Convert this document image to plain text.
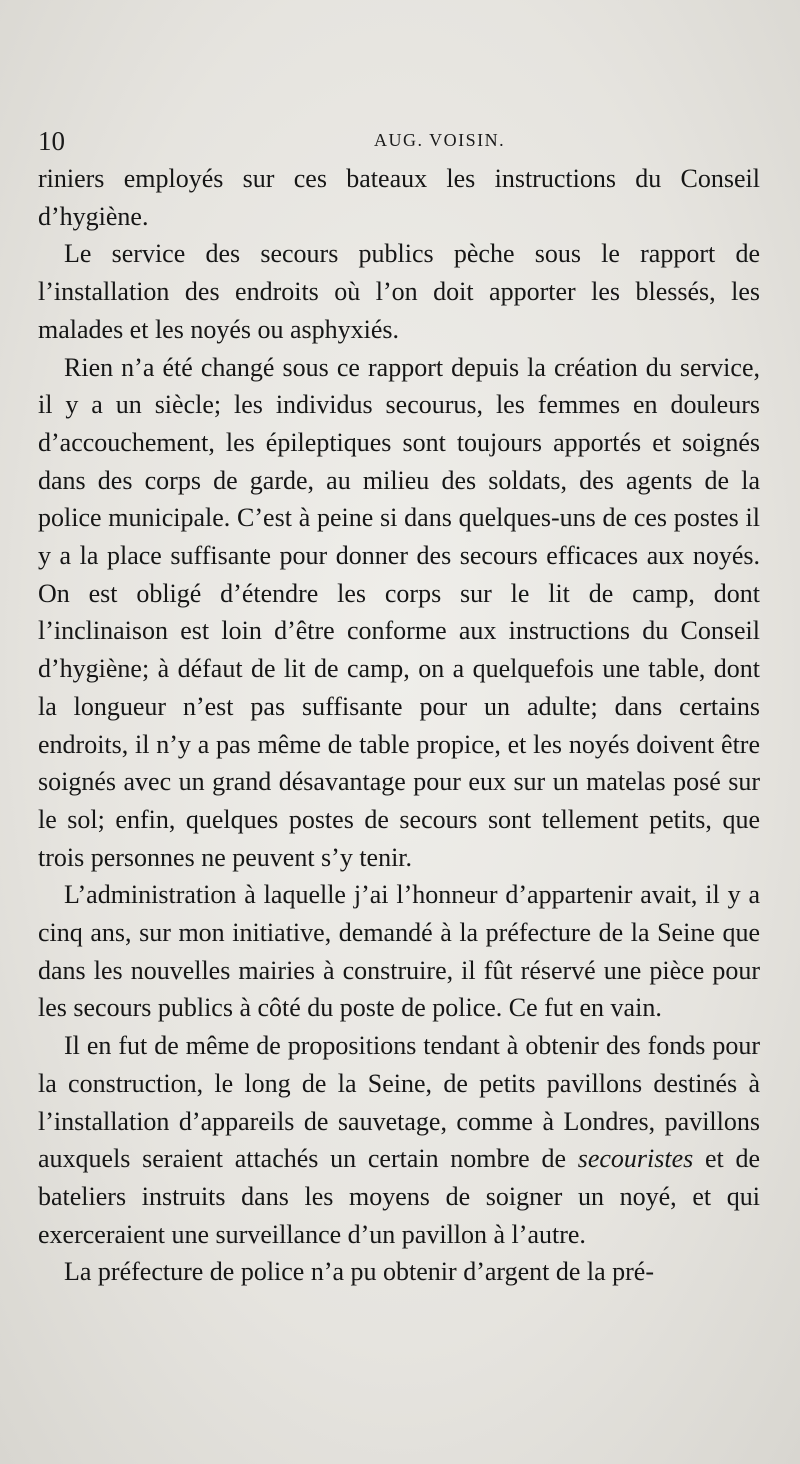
10	AUG. VOISIN.

riniers employés sur ces bateaux les instructions du Conseil d’hygiène.

Le service des secours publics pèche sous le rapport de l’installation des endroits où l’on doit apporter les blessés, les malades et les noyés ou asphyxiés.

Rien n’a été changé sous ce rapport depuis la création du service, il y a un siècle; les individus secourus, les femmes en douleurs d’accouchement, les épileptiques sont toujours apportés et soignés dans des corps de garde, au milieu des soldats, des agents de la police municipale. C’est à peine si dans quelques-uns de ces postes il y a la place suffisante pour donner des secours efficaces aux noyés. On est obligé d’étendre les corps sur le lit de camp, dont l’inclinaison est loin d’être conforme aux instructions du Conseil d’hygiène; à défaut de lit de camp, on a quelquefois une table, dont la longueur n’est pas suffisante pour un adulte; dans certains endroits, il n’y a pas même de table propice, et les noyés doivent être soignés avec un grand désavantage pour eux sur un matelas posé sur le sol; enfin, quelques postes de secours sont tellement petits, que trois personnes ne peuvent s’y tenir.

L’administration à laquelle j’ai l’honneur d’appartenir avait, il y a cinq ans, sur mon initiative, demandé à la préfecture de la Seine que dans les nouvelles mairies à construire, il fût réservé une pièce pour les secours publics à côté du poste de police. Ce fut en vain.

Il en fut de même de propositions tendant à obtenir des fonds pour la construction, le long de la Seine, de petits pavillons destinés à l’installation d’appareils de sauvetage, comme à Londres, pavillons auxquels seraient attachés un certain nombre de secouristes et de bateliers instruits dans les moyens de soigner un noyé, et qui exerceraient une surveillance d’un pavillon à l’autre.

La préfecture de police n’a pu obtenir d’argent de la pré-
